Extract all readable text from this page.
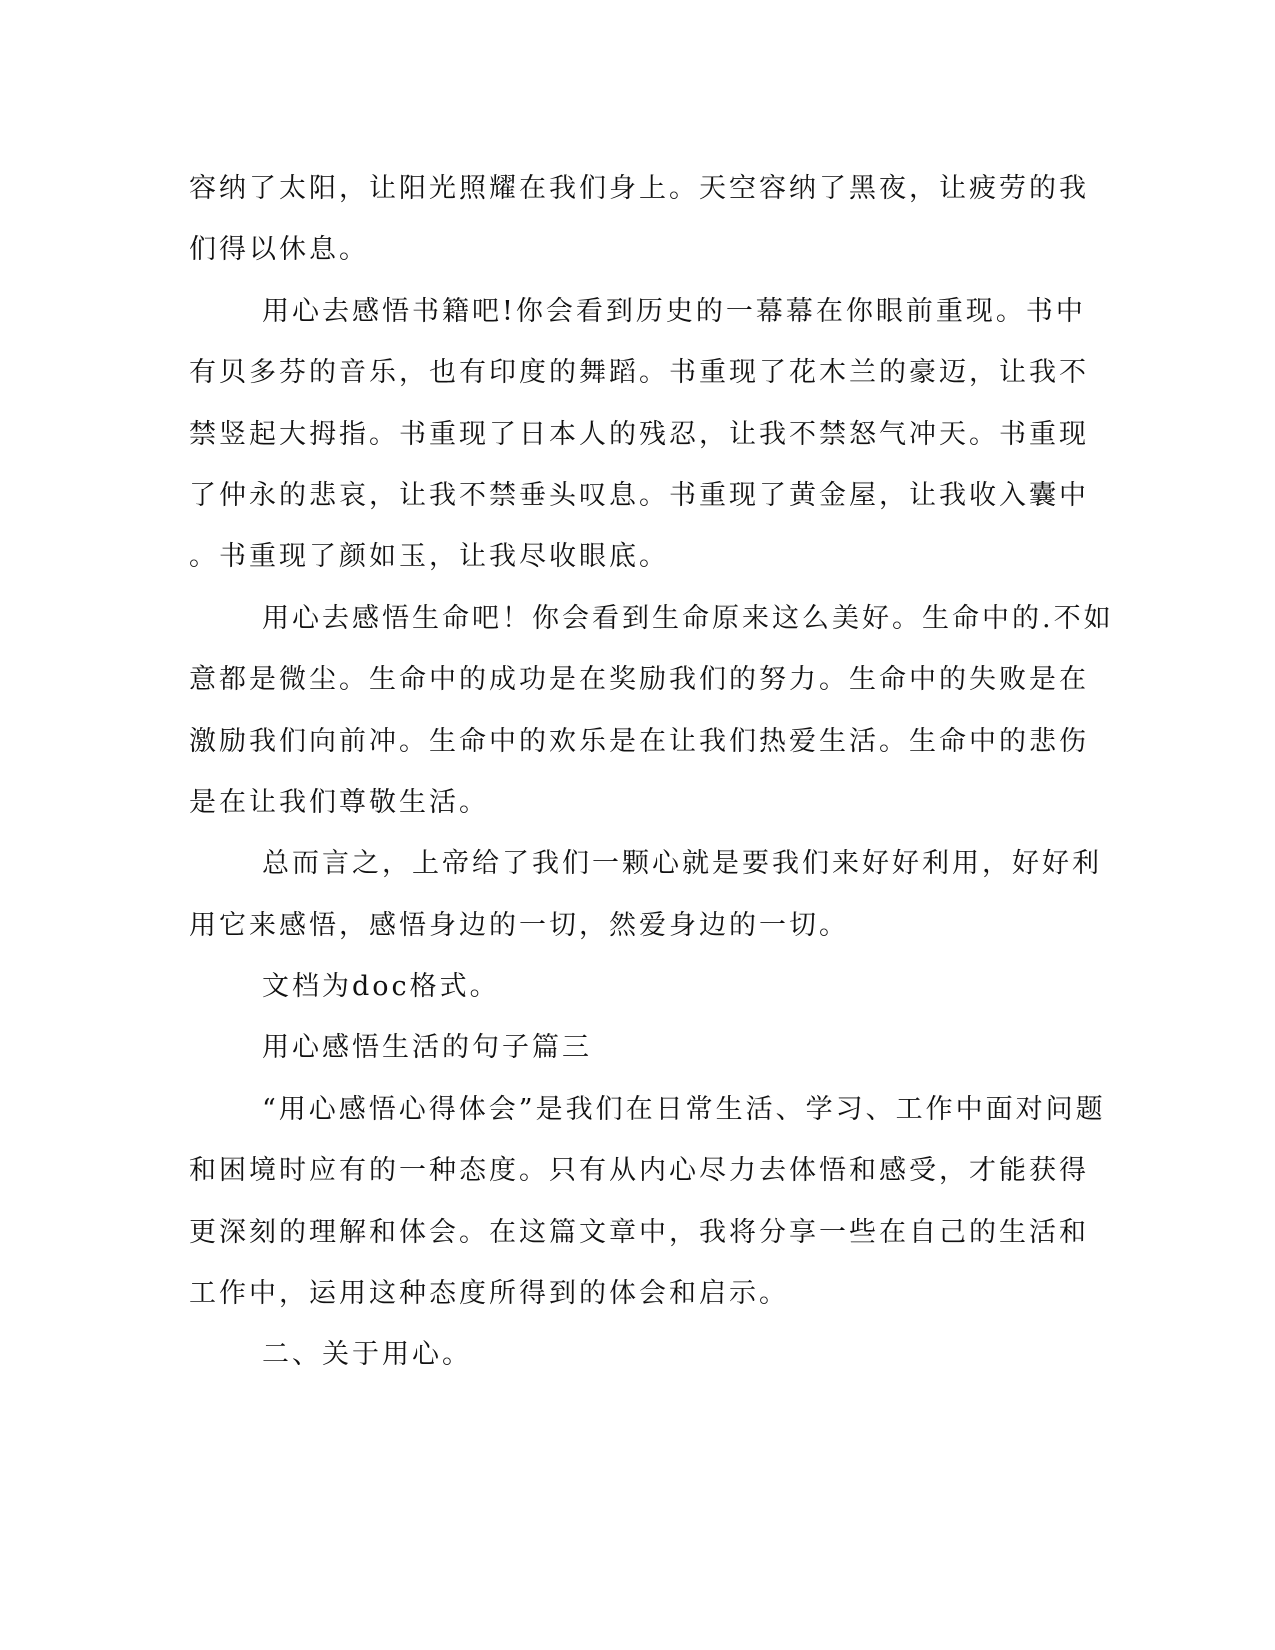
容纳了太阳，让阳光照耀在我们身上。天空容纳了黑夜，让疲劳的我
们得以休息。
用心去感悟书籍吧!你会看到历史的一幕幕在你眼前重现。书中
有贝多芬的音乐，也有印度的舞蹈。书重现了花木兰的豪迈，让我不
禁竖起大拇指。书重现了日本人的残忍，让我不禁怒气冲天。书重现
了仲永的悲哀，让我不禁垂头叹息。书重现了黄金屋，让我收入囊中
。书重现了颜如玉，让我尽收眼底。
用心去感悟生命吧！你会看到生命原来这么美好。生命中的.不如
意都是微尘。生命中的成功是在奖励我们的努力。生命中的失败是在
激励我们向前冲。生命中的欢乐是在让我们热爱生活。生命中的悲伤
是在让我们尊敬生活。
总而言之，上帝给了我们一颗心就是要我们来好好利用，好好利
用它来感悟，感悟身边的一切，然爱身边的一切。
文档为doc格式。
用心感悟生活的句子篇三
“用心感悟心得体会”是我们在日常生活、学习、工作中面对问题
和困境时应有的一种态度。只有从内心尽力去体悟和感受，才能获得
更深刻的理解和体会。在这篇文章中，我将分享一些在自己的生活和
工作中，运用这种态度所得到的体会和启示。
二、关于用心。
